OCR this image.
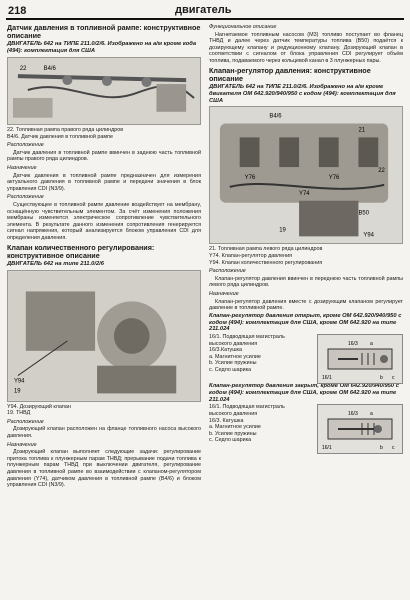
218	двигатель
Датчик давления в топливной рампе: конструктивное описание
ДВИГАТЕЛЬ 642 на ТИПЕ 211.0/2/6. Изображено на а/м кроме кода (494): комплектация для США
22	B4/6
22. Топливная рампа правого ряда цилиндров
B4/6. Датчик давления в топливной рампе
Расположение
Датчик давления в топливной рампе ввинчен в заднюю часть топливной рампы правого ряда цилиндров.
Назначение
Датчик давления в топливной рампе предназначен для измерения актуального давления в топливной рампе и передачи значения в блок управления CDI (N3/9).
Расположение
Существующее в топливной рампе давление воздействует на мембрану, оснащённую чувствительным элементом. За счёт изменения положения мембраны изменяется электрическое сопротивление чувствительного элемента. В результате данного изменения сопротивления генерируется сигнал напряжения, который анализируется блоком управления CDI для определения давления.
Клапан количественного регулирования: конструктивное описание
ДВИГАТЕЛЬ 642 на типе 211.0/2/6
Y94
19
Y94. Дозирующий клапан
19. ТНВД
Расположение
Дозирующий клапан расположен на фланце топливного насоса высокого давления.
Назначение
Дозирующий клапан выполняет следующие задачи: регулирование притока топлива к плунжерным парам ТНВД; прерывание подачи топлива к плунжерным парам ТНВД при выключении двигателя, регулирование давления в топливной рампе во взаимодействии с клапаном-регулятором давления (Y74), датчиком давления в топливной рампе (B4/6) и блоком управления CDI (N3/9).
Функциональное описание
Нагнетаемое топливным насосом (M3) топливо поступает во фланец ТНВД и далее через датчик температуры топлива (B50) подаётся к дозирующему клапану и редукционному клапану. Дозирующий клапан в соответствии с сигналом от блока управления CDI регулирует объём топлива, подаваемого через кольцевой канал в 3 плунжерных пары.
Клапан-регулятор давления: конструктивное описание
ДВИГАТЕЛЬ 642 на ТИПЕ 211.0/2/6. Изображено на а/м кроме двигателя ОМ 642.920/940/950 с кодом (494): комплектация для США
B4/6
21
Y76	Y76
22
Y74
B50
19
Y94
21. Топливная рампа левого ряда цилиндров
Y74. Клапан-регулятор давления
Y94. Клапан количественного регулирования
Расположение
Клапан-регулятор давления ввинчен в переднюю часть топливной рампы левого ряда цилиндров.
Назначение
Клапан-регулятор давления вместе с дозирующим клапаном регулирует давление в топливной рампе.
Клапан-регулятор давления открыт, кроме ОМ 642.920/940/950 с кодом (494): комплектация для США, кроме ОМ 642.920 на типе 211.024
16/1. Подводящая магистраль высокого давления
16/3.Катушка
а. Магнитное усилие
b. Усилие пружины
c. Седло шарика
16/1
16/3 a
b c
Клапан-регулятор давления закрыт, кроме ОМ 642.920/940/950 с кодом (494): комплектация для США, кроме ОМ 642.920 на типе 211.024
16/1. Подводящая магистраль высокого давления
16/3. Катушка
а. Магнитное усилие
b. Усилие пружины
c. Седло шарика
16/1
16/3 a
b c
